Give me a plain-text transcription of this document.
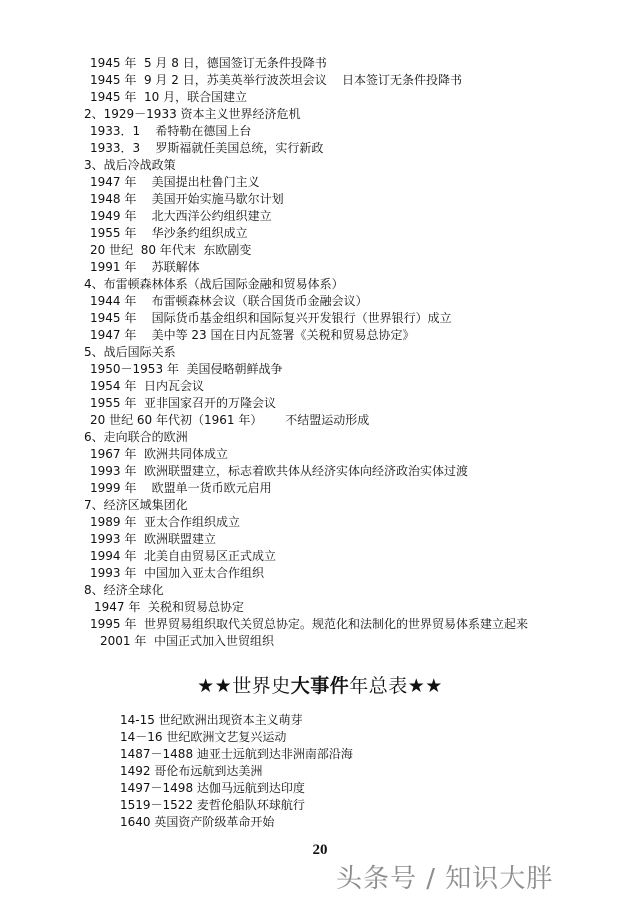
1945 年  5 月 8 日，德国签订无条件投降书
1945 年  9 月 2 日，苏美英举行波茨坦会议    日本签订无条件投降书
1945 年  10 月，联合国建立
2、1929－1933 资本主义世界经济危机
1933．1    希特勒在德国上台
1933．3    罗斯福就任美国总统，实行新政
3、战后冷战政策
1947 年    美国提出杜鲁门主义
1948 年    美国开始实施马歇尔计划
1949 年    北大西洋公约组织建立
1955 年    华沙条约组织成立
20 世纪  80 年代末  东欧剧变
1991 年    苏联解体
4、布雷顿森林体系（战后国际金融和贸易体系）
1944 年    布雷顿森林会议（联合国货币金融会议）
1945 年    国际货币基金组织和国际复兴开发银行（世界银行）成立
1947 年    美中等 23 国在日内瓦签署《关税和贸易总协定》
5、战后国际关系
1950－1953 年  美国侵略朝鲜战争
1954 年  日内瓦会议
1955 年  亚非国家召开的万隆会议
20 世纪 60 年代初（1961 年）      不结盟运动形成
6、走向联合的欧洲
1967 年  欧洲共同体成立
1993 年  欧洲联盟建立，标志着欧共体从经济实体向经济政治实体过渡
1999 年    欧盟单一货币欧元启用
7、经济区域集团化
1989 年  亚太合作组织成立
1993 年  欧洲联盟建立
1994 年  北美自由贸易区正式成立
1993 年  中国加入亚太合作组织
8、经济全球化
1947 年  关税和贸易总协定
1995 年  世界贸易组织取代关贸总协定。规范化和法制化的世界贸易体系建立起来
2001 年  中国正式加入世贸组织
★★世界史大事件年总表★★
14-15 世纪欧洲出现资本主义萌芽
14－16 世纪欧洲文艺复兴运动
1487－1488 迪亚士远航到达非洲南部沿海
1492 哥伦布远航到达美洲
1497－1498 达伽马远航到达印度
1519－1522 麦哲伦船队环球航行
1640 英国资产阶级革命开始
20
头条号 / 知识大胖
